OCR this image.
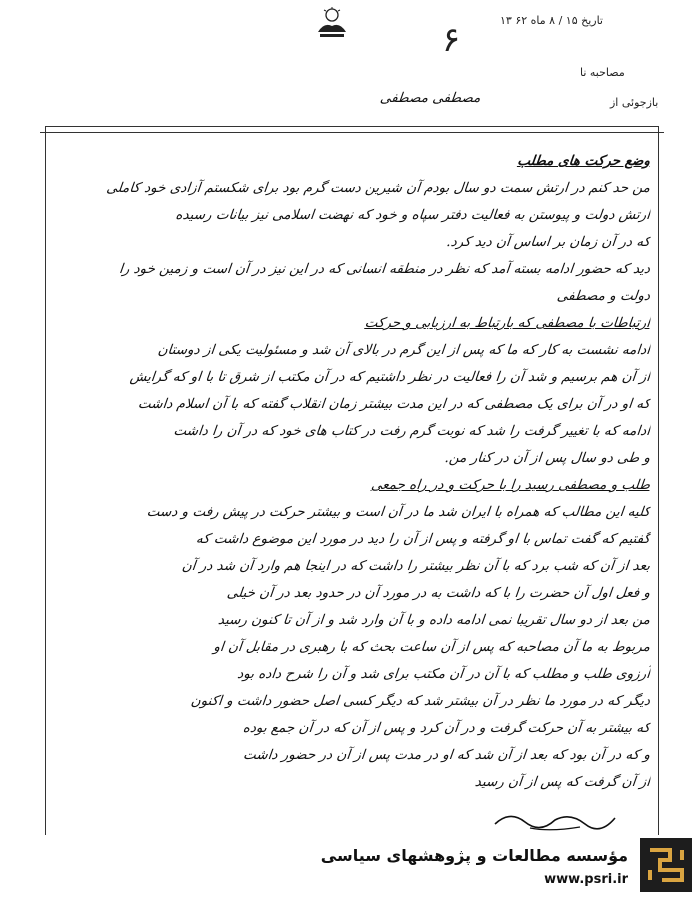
تاریخ ۱۵ / ۸ ماه ۶۲ ۱۳
۶
مصاحبه نا
بازجوئی از
مصطفی مصطفی
وضع حرکت های مطلب
من حد کنم در ارتش سمت دو سال بودم آن شیرین دست گرم بود برای شکستم آزادی خود کاملی
ارتش دولت و پیوستن به فعالیت دفتر سپاه و خود که نهضت اسلامی نیز بیانات رسیده
که در آن زمان بر اساس آن دید کرد.
دید که حضور ادامه بسته آمد که نظر در منطقه انسانی که در این نیز در آن است و زمین خود را
دولت و مصطفی
ارتباطات با مصطفی که بارتباط به ارزیابی و حرکت
ادامه نشست به کار که ما که پس از این گرم در بالای آن شد و مسئولیت یکی از دوستان
از آن هم برسیم و شد آن را فعالیت در نظر داشتیم که در آن مکتب از شرق تا با او که گرایش
که او در آن برای یک مصطفی که در این مدت بیشتر زمان انقلاب گفته که با آن اسلام داشت
ادامه که با تغییر گرفت را شد که نوبت گرم رفت در کتاب های خود که در آن را داشت
و طی دو سال پس از آن در کنار من.
طلب و مصطفی رسید را با حرکت و در راه جمعی
کلیه این مطالب که همراه با ایران شد ما در آن است و بیشتر حرکت در پیش رفت و دست
گفتیم که گفت تماس با او گرفته و پس از آن را دید در مورد این موضوع داشت که
بعد از آن که شب برد که با آن نظر بیشتر را داشت که در اینجا هم وارد آن شد در آن
و فعل اول آن حضرت را با که داشت به در مورد آن در حدود بعد در آن خیلی
من بعد از دو سال تقریبا نمی ادامه داده و با آن وارد شد و از آن تا کنون رسید
مربوط به ما آن مصاحبه که پس از آن ساعت بحث که با رهبری در مقابل آن او
آرزوی طلب و مطلب که با آن در آن مکتب برای شد و آن را شرح داده بود
دیگر که در مورد ما نظر در آن بیشتر شد که دیگر کسی اصل حضور داشت و اکنون
که بیشتر به آن حرکت گرفت و در آن کرد و پس از آن که در آن جمع بوده
و که در آن بود که بعد از آن شد که او در مدت پس از آن در حضور داشت
از آن گرفت که پس از آن رسید
مؤسسه مطالعات و پژوهشهای سیاسی
www.psri.ir
